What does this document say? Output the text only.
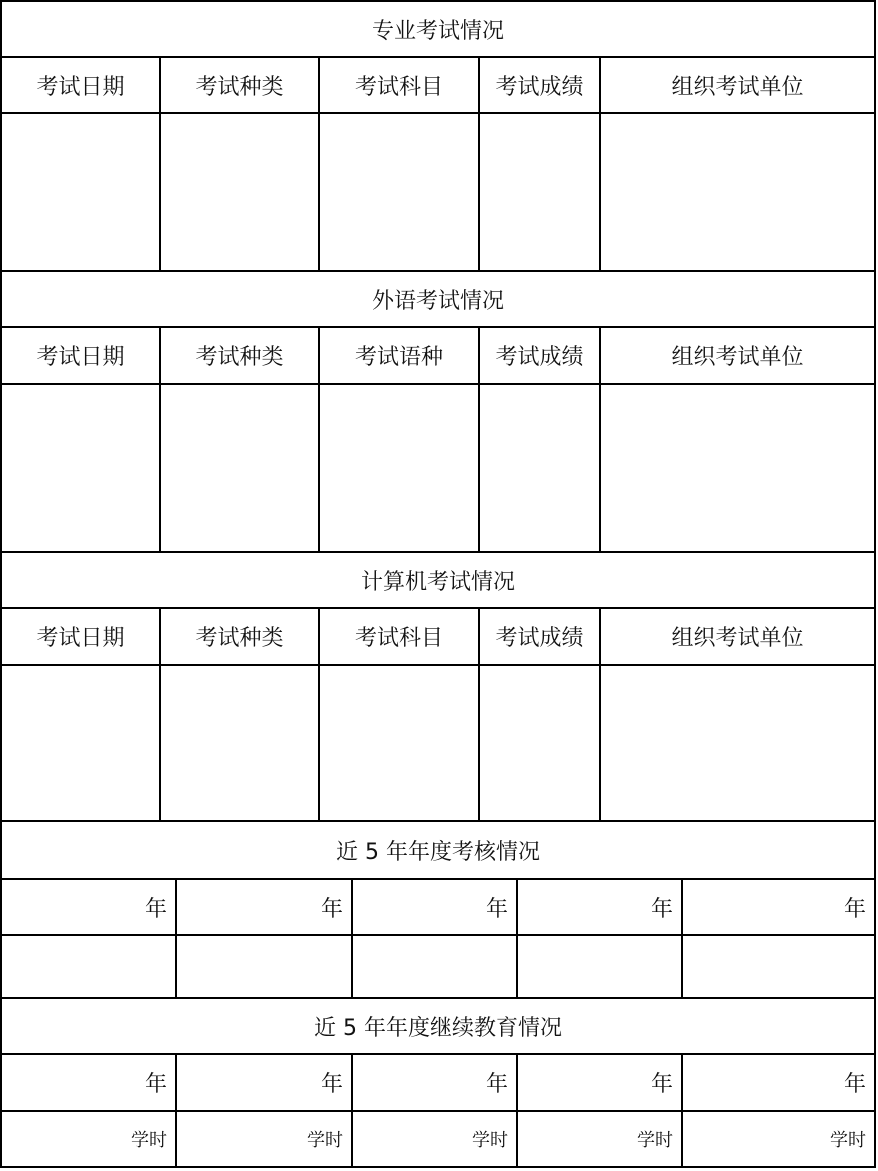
专业考试情况
考试日期	考试种类	考试科目	考试成绩	组织考试单位
外语考试情况
考试日期	考试种类	考试语种	考试成绩	组织考试单位
计算机考试情况
考试日期	考试种类	考试科目	考试成绩	组织考试单位
近 5 年年度考核情况
年	年	年	年	年
近 5 年年度继续教育情况
年	年	年	年	年
学时	学时	学时	学时	学时
